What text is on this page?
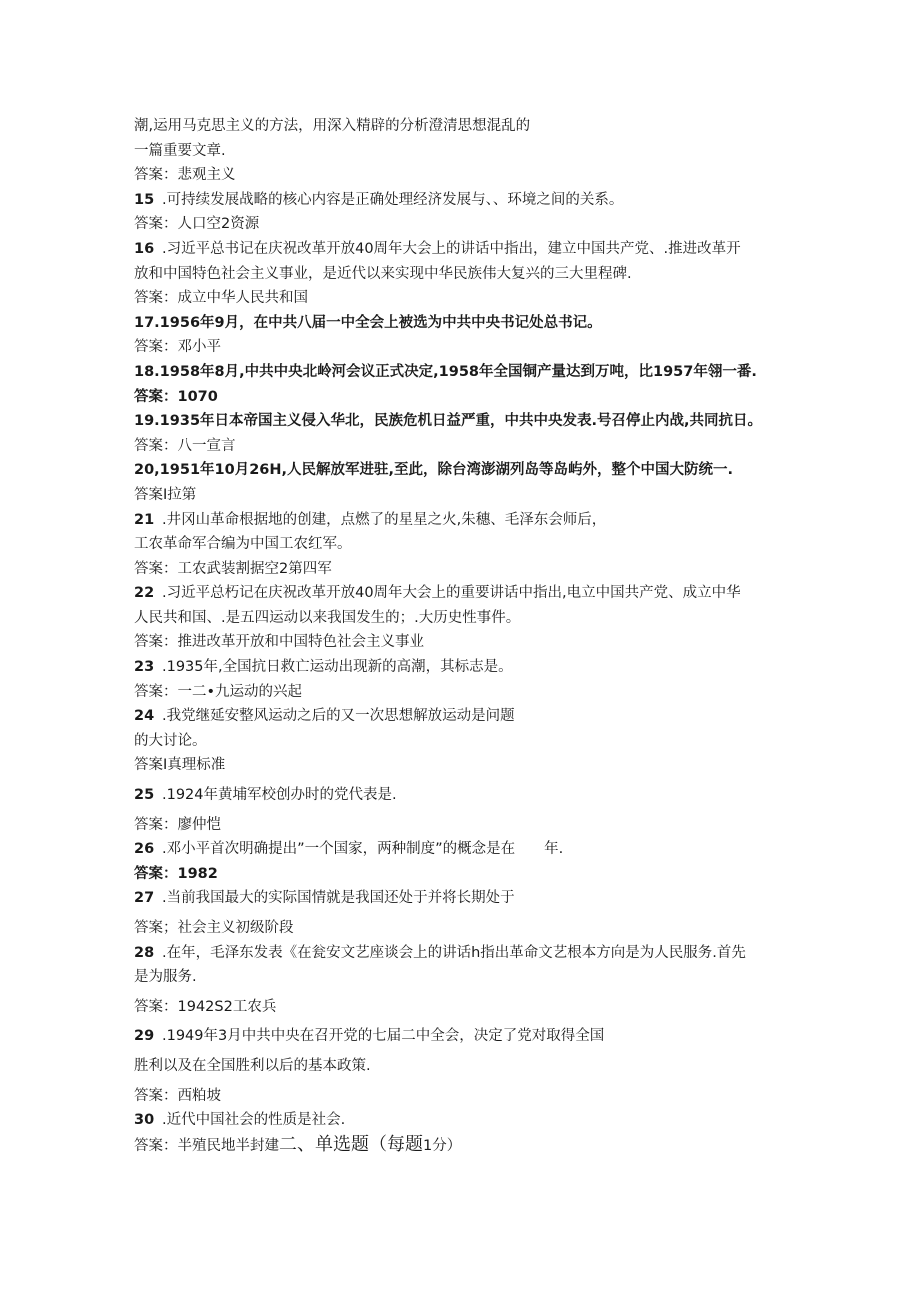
潮,运用马克思主义的方法，用深入精辟的分析澄清思想混乱的
一篇重要文章.
答案：悲观主义
15 .可持续发展战略的核心内容是正确处理经济发展与、、环境之间的关系。
答案：人口空2资源
16 .习近平总书记在庆祝改革开放40周年大会上的讲话中指出，建立中国共产党、.推进改革开
放和中国特色社会主义事业，是近代以来实现中华民族伟大复兴的三大里程碑.
答案：成立中华人民共和国
17.1956年9月，在中共八届一中全会上被选为中共中央书记处总书记。
答案：邓小平
18.1958年8月,中共中央北岭河会议正式决定,1958年全国铜产量达到万吨，比1957年翎一番.
答案：1070
19.1935年日本帝国主义侵入华北，民族危机日益严重，中共中央发表.号召停止内战,共同抗日。
答案：八一宣言
20,1951年10月26H,人民解放军进驻,至此，除台湾澎湖列岛等岛屿外，整个中国大防统一.
答案I拉第
21 .井冈山革命根据地的创建，点燃了的星星之火,朱穗、毛泽东会师后，
工农革命军合编为中国工农红军。
答案：工农武装割据空2第四军
22 .习近平总朽记在庆祝改革开放40周年大会上的重要讲话中指出,电立中国共产党、成立中华
人民共和国、.是五四运动以来我国发生的；.大历史性事件。
答案：推进改革开放和中国特色社会主义事业
23 .1935年,全国抗日救亡运动出现新的高潮，其标志是。
答案：一二•九运动的兴起
24 .我党继延安整风运动之后的又一次思想解放运动是问题
的大讨论。
答案I真理标准
25 .1924年黄埔军校创办时的党代表是.
答案：廖仲恺
26 .邓小平首次明确提出”一个国家，两种制度”的概念是在　　年.
答案：1982
27 .当前我国最大的实际国情就是我国还处于并将长期处于
答案；社会主义初级阶段
28 .在年，毛泽东发表《在瓮安文艺座谈会上的讲话h指出革命文艺根本方向是为人民服务.首先
是为服务.
答案：1942S2工农兵
29 .1949年3月中共中央在召开党的七届二中全会，决定了党对取得全国
胜利以及在全国胜利以后的基本政策.
答案：西粕坡
30 .近代中国社会的性质是社会.
答案：半殖民地半封建二、单选题（每题1分）
